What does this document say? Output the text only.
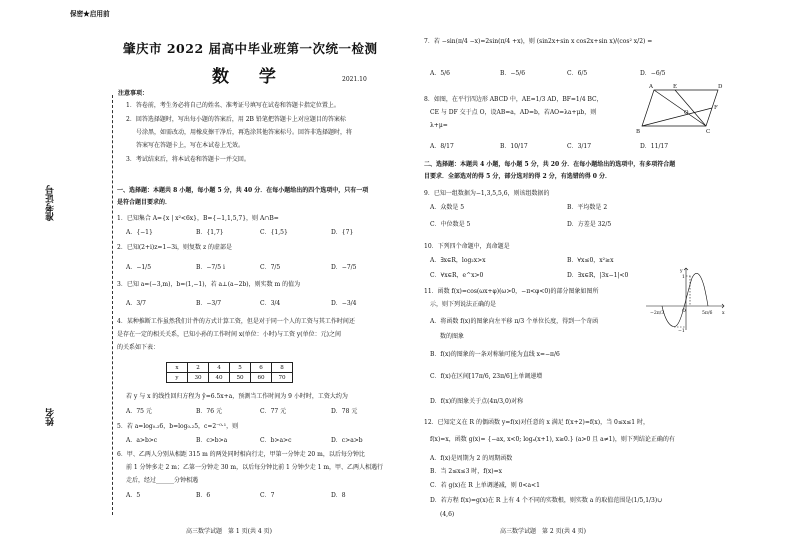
准考证号
姓名
保密★启用前
肇庆市 2022 届高中毕业班第一次统一检测
数 学	2021.10
注意事项：
1．答卷前，考生务必将自己的姓名、准考证号填写在试卷和答题卡指定位置上。
2．回答选择题时，写出每小题的答案后，用 2B 铅笔把答题卡上对应题目的答案标
号涂黑，如需改动，用橡皮擦干净后，再选涂其他答案标号。回答非选择题时，将
答案写在答题卡上，写在本试卷上无效。
3．考试结束后，将本试卷和答题卡一并交回。
一、选择题：本题共 8 小题，每小题 5 分，共 40 分．在每小题给出的四个选项中，只有一项
是符合题目要求的．
1．已知集合 A={x | x²<6x}，B={−1,1,5,7}，则 A∩B=
A．{−1}	B．{1,7}	C．{1,5}	D．{7}
2．已知(2+i)z=1−3i，则复数 z 的虚部是
A．−1/5	B．−7/5 i	C．7/5	D．−7/5
3．已知 a=(−3,m)，b=(1,−1)，若 a⊥(a−2b)，则实数 m 的值为
A．3/7	B．−3/7	C．3/4	D．−3/4
4．某种推断工作虽然我们计件的方式计算工资，但是对于同一个人的工资与其工作时间还
是存在一定的相关关系，已知小孙的工作时间 x(单位：小时)与工资 y(单位：元)之间
的关系如下表：
x	2	4	5	6	8
y	30	40	50	60	70
若 y 与 x 的线性回归方程为 ŷ=6.5x+a，预测当工作时间为 9 小时时，工资大约为
A．75 元	B．76 元	C．77 元	D．78 元
5．若 a=log₀.₂6，b=log₀.₂5，c=2⁻⁰·¹，则
A．a>b>c	B．c>b>a	C．b>a>c	D．c>a>b
6．甲、乙两人分别从相距 315 m 的两处同时相向行走，甲第一分钟走 20 m，以后每分钟比
前 1 分钟多走 2 m；乙第一分钟走 30 m，以后每分钟比前 1 分钟少走 1 m，甲、乙两人相遇行
走后，经过______分钟相遇
A．5	B．6	C．7	D．8
高三数学试题　第 1 页(共 4 页)
7．若 −sin(π/4 −x)=2sin(π/4 +x)，则 (sin2x+sin x cos2x+sin x)/(cos² x/2) =
A．5/6	B．−5/6	C．6/5	D．−6/5
8．如图，在平行四边形 ABCD 中，AE=1/3 AD，BF=1/4 BC，
CE 与 DF 交于点 O，设AB=a，AD=b，若AO=λa+μb，则
λ+μ=
A．8/17	B．10/17	C．3/17	D．11/17
A	E	D
B	C
F
O
二、选择题：本题共 4 小题，每小题 5 分，共 20 分．在每小题给出的选项中，有多项符合题
目要求．全部选对的得 5 分，部分选对的得 2 分，有选错的得 0 分．
9．已知一组数据为−1,3,5,5,6，则该组数据的
A．众数是 5	B．平均数是 2
C．中位数是 5	D．方差是 32/5
10．下列四个命题中，真命题是
A．∃x∈R，log₂x>x	B．∀x≤0，x²≥x
C．∀x∈R，e^x>0	D．∃x∈R，|3x−1|<0
11．函数 f(x)=cos(ωx+φ)(ω>0，−π<φ<0)的部分图象如图所
示，则下列说法正确的是
A．将函数 f(x)的图象向左平移 π/3 个单位长度，得到一个奇函
数的图象
B．f(x)的图象的一条对称轴可能为直线 x=−π/6
C．f(x)在区间[17π/6, 23π/6]上单调递增
D．f(x)的图象关于点(4π/3,0)对称
x
y
−2π/3	5π/6
O
1
−1
12．已知定义在 R 的偶函数 y=f(x)对任意的 x 满足 f(x+2)=f(x)，当 0≤x≤1 时，
f(x)=x，函数 g(x)= {−ax, x<0; logₐ(x+1), x≥0.} (a>0 且 a≠1)，则下列结论正确的有
A．f(x)是周期为 2 的周期函数
B．当 2≤x≤3 时，f(x)=x
C．若 g(x)在 R 上单调递减，则 0<a<1
D．若方程 f(x)=g(x)在 R 上有 4 个不同的实数根，则实数 a 的取值范围是(1/5,1/3)∪
(4,6)
高三数学试题　第 2 页(共 4 页)
